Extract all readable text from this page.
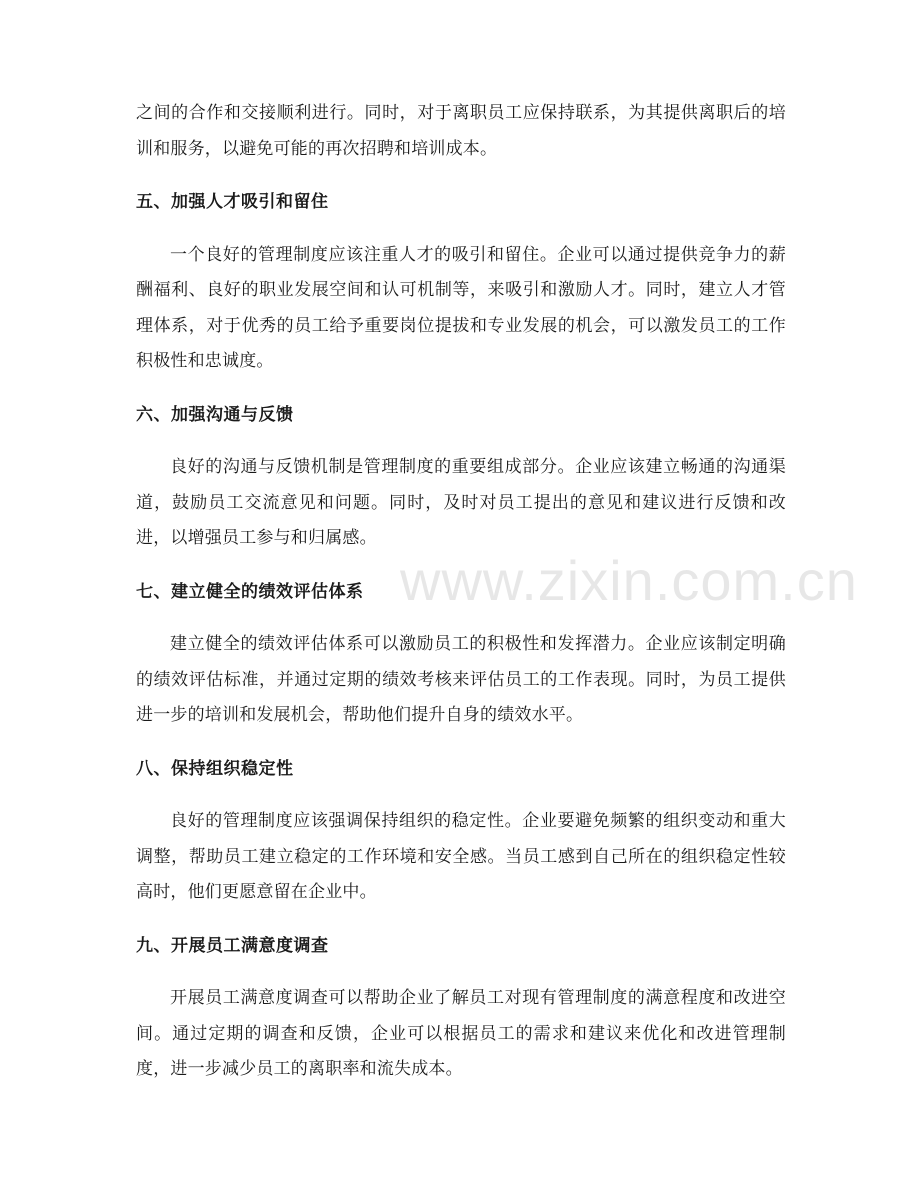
之间的合作和交接顺利进行。同时，对于离职员工应保持联系，为其提供离职后的培训和服务，以避免可能的再次招聘和培训成本。

五、加强人才吸引和留住

一个良好的管理制度应该注重人才的吸引和留住。企业可以通过提供竞争力的薪酬福利、良好的职业发展空间和认可机制等，来吸引和激励人才。同时，建立人才管理体系，对于优秀的员工给予重要岗位提拔和专业发展的机会，可以激发员工的工作积极性和忠诚度。

六、加强沟通与反馈

良好的沟通与反馈机制是管理制度的重要组成部分。企业应该建立畅通的沟通渠道，鼓励员工交流意见和问题。同时，及时对员工提出的意见和建议进行反馈和改进，以增强员工参与和归属感。

七、建立健全的绩效评估体系

建立健全的绩效评估体系可以激励员工的积极性和发挥潜力。企业应该制定明确的绩效评估标准，并通过定期的绩效考核来评估员工的工作表现。同时，为员工提供进一步的培训和发展机会，帮助他们提升自身的绩效水平。

八、保持组织稳定性

良好的管理制度应该强调保持组织的稳定性。企业要避免频繁的组织变动和重大调整，帮助员工建立稳定的工作环境和安全感。当员工感到自己所在的组织稳定性较高时，他们更愿意留在企业中。

九、开展员工满意度调查

开展员工满意度调查可以帮助企业了解员工对现有管理制度的满意程度和改进空间。通过定期的调查和反馈，企业可以根据员工的需求和建议来优化和改进管理制度，进一步减少员工的离职率和流失成本。

www.zixin.com.cn
